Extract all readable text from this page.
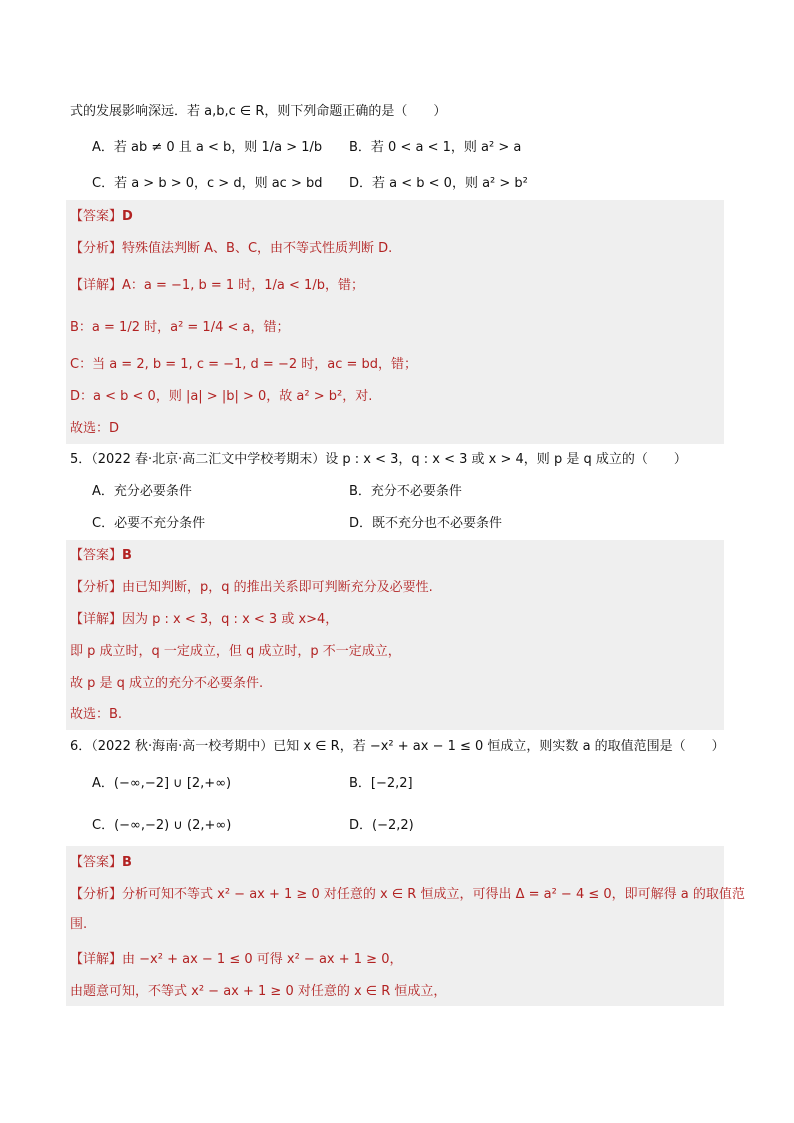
式的发展影响深远．若 a,b,c ∈ R，则下列命题正确的是（　　）
A．若 ab ≠ 0 且 a < b，则 1/a > 1/b B．若 0 < a < 1，则 a² > a
C．若 a > b > 0，c > d，则 ac > bd D．若 a < b < 0，则 a² > b²
【答案】D
【分析】特殊值法判断 A、B、C，由不等式性质判断 D.
【详解】A：a = −1, b = 1 时，1/a < 1/b，错；
B：a = 1/2 时，a² = 1/4 < a，错；
C：当 a = 2, b = 1, c = −1, d = −2 时，ac = bd，错；
D：a < b < 0，则 |a| > |b| > 0，故 a² > b²，对.
故选：D
5．（2022 春·北京·高二汇文中学校考期末）设 p : x < 3，q : x < 3 或 x > 4，则 p 是 q 成立的（　　）
A．充分必要条件	B．充分不必要条件
C．必要不充分条件	D．既不充分也不必要条件
【答案】B
【分析】由已知判断，p，q 的推出关系即可判断充分及必要性.
【详解】因为 p : x < 3，q : x < 3 或 x>4，
即 p 成立时，q 一定成立，但 q 成立时，p 不一定成立，
故 p 是 q 成立的充分不必要条件.
故选：B.
6．（2022 秋·海南·高一校考期中）已知 x ∈ R，若 −x² + ax − 1 ≤ 0 恒成立，则实数 a 的取值范围是（　　）
A．(−∞,−2] ∪ [2,+∞)	B．[−2,2]
C．(−∞,−2) ∪ (2,+∞)	D．(−2,2)
【答案】B
【分析】分析可知不等式 x² − ax + 1 ≥ 0 对任意的 x ∈ R 恒成立，可得出 Δ = a² − 4 ≤ 0，即可解得 a 的取值范
围.
【详解】由 −x² + ax − 1 ≤ 0 可得 x² − ax + 1 ≥ 0，
由题意可知，不等式 x² − ax + 1 ≥ 0 对任意的 x ∈ R 恒成立，
